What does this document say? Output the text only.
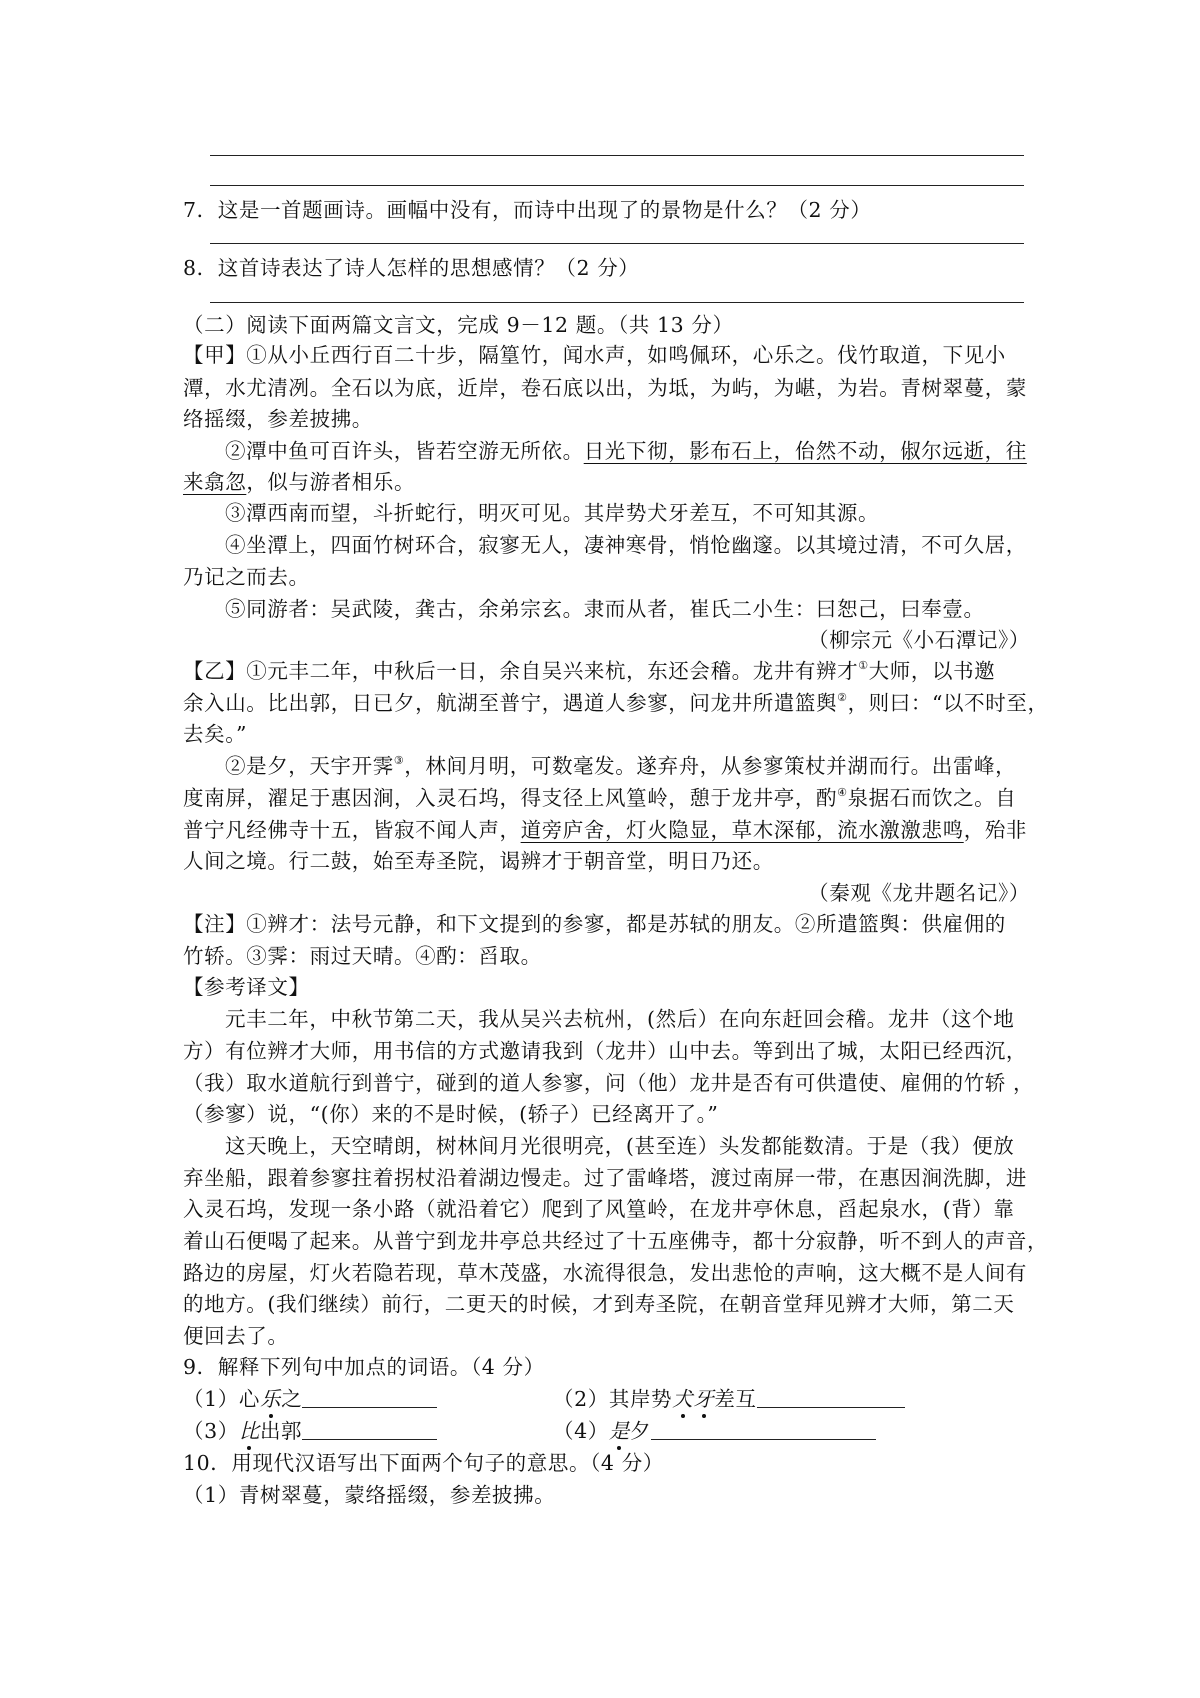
7．这是一首题画诗。画幅中没有，而诗中出现了的景物是什么？（2 分）
8．这首诗表达了诗人怎样的思想感情？（2 分）
（二）阅读下面两篇文言文，完成 9－12 题。（共 13 分）
【甲】①从小丘西行百二十步，隔篁竹，闻水声，如鸣佩环，心乐之。伐竹取道，下见小
潭，水尤清冽。全石以为底，近岸，卷石底以出，为坻，为屿，为嵁，为岩。青树翠蔓，蒙
络摇缀，参差披拂。
②潭中鱼可百许头，皆若空游无所依。日光下彻，影布石上，佁然不动，俶尔远逝，往
来翕忽，似与游者相乐。
③潭西南而望，斗折蛇行，明灭可见。其岸势犬牙差互，不可知其源。
④坐潭上，四面竹树环合，寂寥无人，凄神寒骨，悄怆幽邃。以其境过清，不可久居，
乃记之而去。
⑤同游者：吴武陵，龚古，余弟宗玄。隶而从者，崔氏二小生：曰恕己，曰奉壹。
（柳宗元《小石潭记》）
【乙】①元丰二年，中秋后一日，余自吴兴来杭，东还会稽。龙井有辨才①大师，以书邀
余入山。比出郭，日已夕，航湖至普宁，遇道人参寥，问龙井所遣篮舆②，则曰：“以不时至，
去矣。”
②是夕，天宇开霁③，林间月明，可数毫发。遂弃舟，从参寥策杖并湖而行。出雷峰，
度南屏，濯足于惠因涧，入灵石坞，得支径上风篁岭，憩于龙井亭，酌④泉据石而饮之。自
普宁凡经佛寺十五，皆寂不闻人声，道旁庐舍，灯火隐显，草木深郁，流水激激悲鸣，殆非
人间之境。行二鼓，始至寿圣院，谒辨才于朝音堂，明日乃还。
（秦观《龙井题名记》）
【注】①辨才：法号元静，和下文提到的参寥，都是苏轼的朋友。②所遣篮舆：供雇佣的
竹轿。③霁：雨过天晴。④酌：舀取。
【参考译文】
元丰二年，中秋节第二天，我从吴兴去杭州，(然后）在向东赶回会稽。龙井（这个地
方）有位辨才大师，用书信的方式邀请我到（龙井）山中去。等到出了城，太阳已经西沉，
（我）取水道航行到普宁，碰到的道人参寥，问（他）龙井是否有可供遣使、雇佣的竹轿 ，
（参寥）说，“(你）来的不是时候，(轿子）已经离开了。”
这天晚上，天空晴朗，树林间月光很明亮，(甚至连）头发都能数清。于是（我）便放
弃坐船，跟着参寥拄着拐杖沿着湖边慢走。过了雷峰塔，渡过南屏一带，在惠因涧洗脚，进
入灵石坞，发现一条小路（就沿着它）爬到了风篁岭，在龙井亭休息，舀起泉水，(背）靠
着山石便喝了起来。从普宁到龙井亭总共经过了十五座佛寺，都十分寂静，听不到人的声音，
路边的房屋，灯火若隐若现，草木茂盛，水流得很急，发出悲怆的声响，这大概不是人间有
的地方。(我们继续）前行，二更天的时候，才到寿圣院，在朝音堂拜见辨才大师，第二天
便回去了。
9．解释下列句中加点的词语。（4 分）
（1）心乐之	（2）其岸势犬牙差互
（3）比出郭	（4）是夕
10．用现代汉语写出下面两个句子的意思。（4 分）
（1）青树翠蔓，蒙络摇缀，参差披拂。
